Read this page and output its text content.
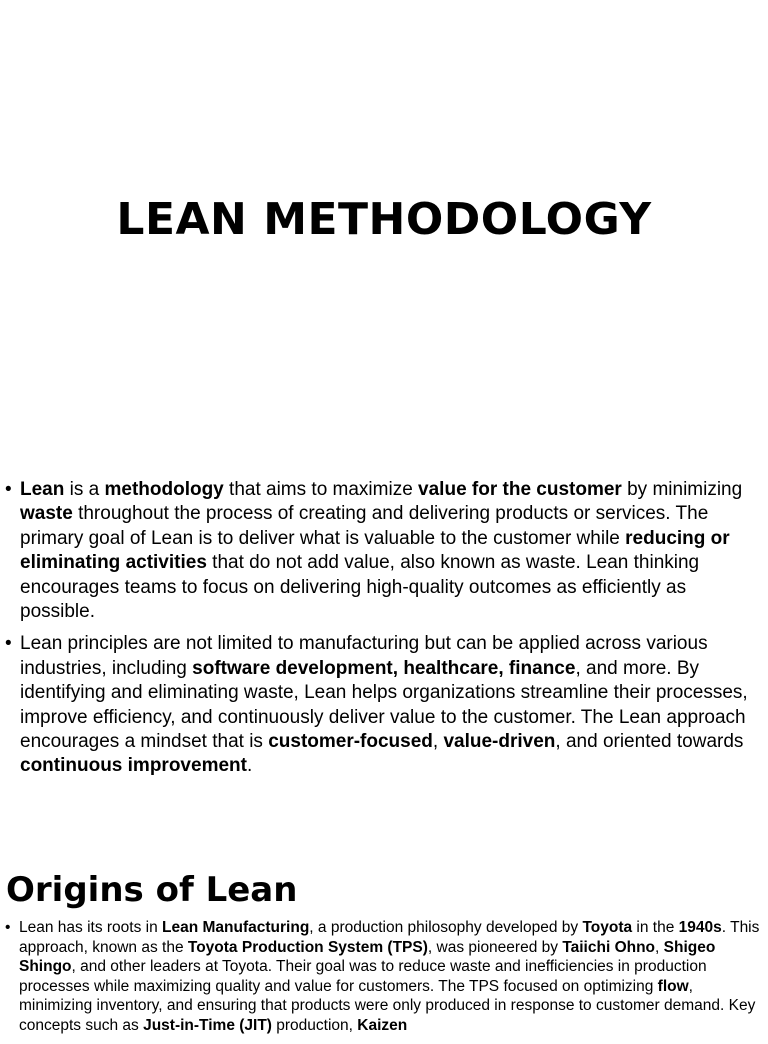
LEAN METHODOLOGY
• Lean is a methodology that aims to maximize value for the customer by minimizing waste throughout the process of creating and delivering products or services. The primary goal of Lean is to deliver what is valuable to the customer while reducing or eliminating activities that do not add value, also known as waste. Lean thinking encourages teams to focus on delivering high-quality outcomes as efficiently as possible.
• Lean principles are not limited to manufacturing but can be applied across various industries, including software development, healthcare, finance, and more. By identifying and eliminating waste, Lean helps organizations streamline their processes, improve efficiency, and continuously deliver value to the customer. The Lean approach encourages a mindset that is customer-focused, value-driven, and oriented towards continuous improvement.
Origins of Lean
• Lean has its roots in Lean Manufacturing, a production philosophy developed by Toyota in the 1940s. This approach, known as the Toyota Production System (TPS), was pioneered by Taiichi Ohno, Shigeo Shingo, and other leaders at Toyota. Their goal was to reduce waste and inefficiencies in production processes while maximizing quality and value for customers. The TPS focused on optimizing flow, minimizing inventory, and ensuring that products were only produced in response to customer demand. Key concepts such as Just-in-Time (JIT) production, Kaizen
